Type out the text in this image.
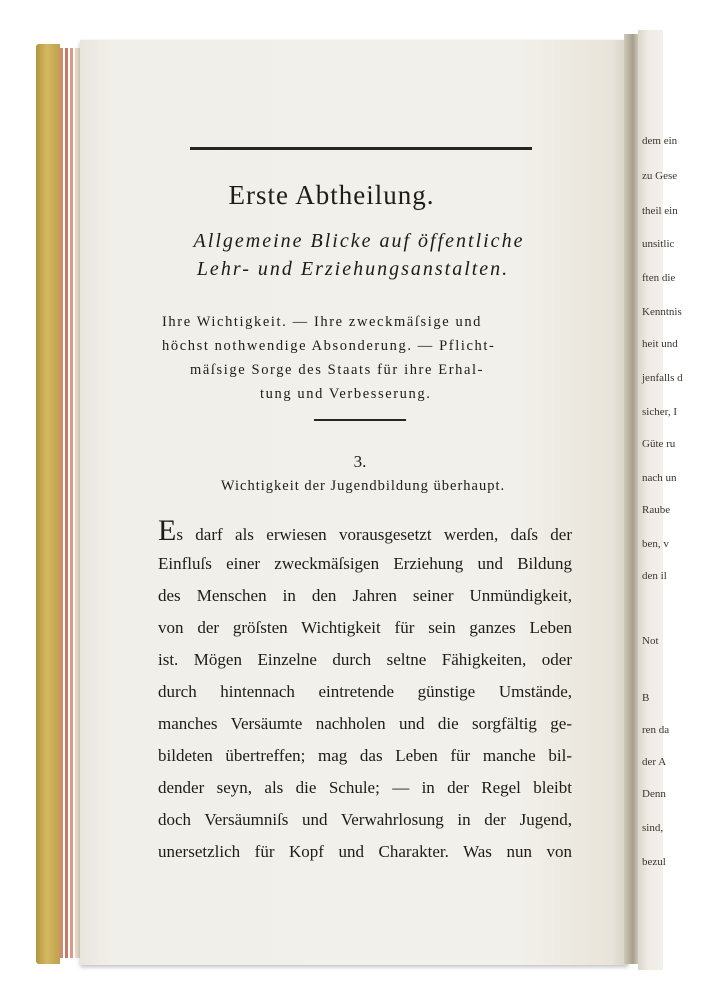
dem ein
zu Gese
theil ein
unsitlic
ften die
Kenntnis
heit und
jenfalls d
sicher, I
Güte ru
nach un
Raube
ben, v
den il
Not
B
ren da
der A
Denn
sind,
bezul
Erste Abtheilung.
Allgemeine Blicke auf öffentliche
Lehr- und Erziehungsanstalten.
Ihre Wichtigkeit. — Ihre zweckmäſsige und
höchst nothwendige Absonderung. — Pflicht-
mäſsige Sorge des Staats für ihre Erhal-
tung und Verbesserung.
3.
Wichtigkeit der Jugendbildung überhaupt.
E s darf als erwiesen vorausgesetzt werden, daſs der
Einfluſs einer zweckmäſsigen Erziehung und Bildung
des Menschen in den Jahren seiner Unmündigkeit,
von der gröſsten Wichtigkeit für sein ganzes Leben
ist. Mögen Einzelne durch seltne Fähigkeiten, oder
durch hintennach eintretende günstige Umstände,
manches Versäumte nachholen und die sorgfältig ge-
bildeten übertreffen; mag das Leben für manche bil-
dender seyn, als die Schule; — in der Regel bleibt
doch Versäumniſs und Verwahrlosung in der Jugend,
unersetzlich für Kopf und Charakter. Was nun von
